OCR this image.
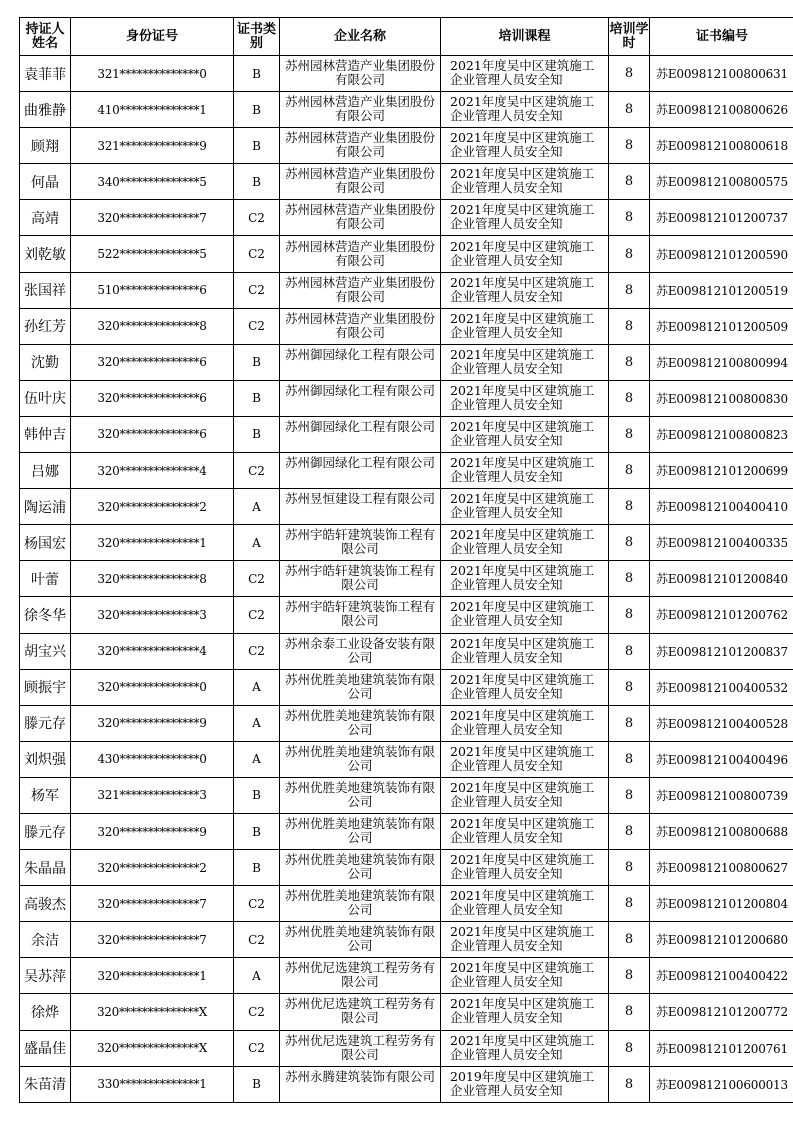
持证人姓名	身份证号	证书类别	企业名称	培训课程	培训学时	证书编号
袁菲菲	321**************0	B	苏州园林营造产业集团股份有限公司	2021年度吴中区建筑施工企业管理人员安全知	8	苏E009812100800631
曲雅静	410**************1	B	苏州园林营造产业集团股份有限公司	2021年度吴中区建筑施工企业管理人员安全知	8	苏E009812100800626
顾翔	321**************9	B	苏州园林营造产业集团股份有限公司	2021年度吴中区建筑施工企业管理人员安全知	8	苏E009812100800618
何晶	340**************5	B	苏州园林营造产业集团股份有限公司	2021年度吴中区建筑施工企业管理人员安全知	8	苏E009812100800575
高靖	320**************7	C2	苏州园林营造产业集团股份有限公司	2021年度吴中区建筑施工企业管理人员安全知	8	苏E009812101200737
刘乾敏	522**************5	C2	苏州园林营造产业集团股份有限公司	2021年度吴中区建筑施工企业管理人员安全知	8	苏E009812101200590
张国祥	510**************6	C2	苏州园林营造产业集团股份有限公司	2021年度吴中区建筑施工企业管理人员安全知	8	苏E009812101200519
孙红芳	320**************8	C2	苏州园林营造产业集团股份有限公司	2021年度吴中区建筑施工企业管理人员安全知	8	苏E009812101200509
沈勤	320**************6	B	苏州御园绿化工程有限公司	2021年度吴中区建筑施工企业管理人员安全知	8	苏E009812100800994
伍叶庆	320**************6	B	苏州御园绿化工程有限公司	2021年度吴中区建筑施工企业管理人员安全知	8	苏E009812100800830
韩仲吉	320**************6	B	苏州御园绿化工程有限公司	2021年度吴中区建筑施工企业管理人员安全知	8	苏E009812100800823
吕娜	320**************4	C2	苏州御园绿化工程有限公司	2021年度吴中区建筑施工企业管理人员安全知	8	苏E009812101200699
陶运浦	320**************2	A	苏州昱恒建设工程有限公司	2021年度吴中区建筑施工企业管理人员安全知	8	苏E009812100400410
杨国宏	320**************1	A	苏州宇皓轩建筑装饰工程有限公司	2021年度吴中区建筑施工企业管理人员安全知	8	苏E009812100400335
叶蕾	320**************8	C2	苏州宇皓轩建筑装饰工程有限公司	2021年度吴中区建筑施工企业管理人员安全知	8	苏E009812101200840
徐冬华	320**************3	C2	苏州宇皓轩建筑装饰工程有限公司	2021年度吴中区建筑施工企业管理人员安全知	8	苏E009812101200762
胡宝兴	320**************4	C2	苏州余泰工业设备安装有限公司	2021年度吴中区建筑施工企业管理人员安全知	8	苏E009812101200837
顾振宇	320**************0	A	苏州优胜美地建筑装饰有限公司	2021年度吴中区建筑施工企业管理人员安全知	8	苏E009812100400532
滕元存	320**************9	A	苏州优胜美地建筑装饰有限公司	2021年度吴中区建筑施工企业管理人员安全知	8	苏E009812100400528
刘炽强	430**************0	A	苏州优胜美地建筑装饰有限公司	2021年度吴中区建筑施工企业管理人员安全知	8	苏E009812100400496
杨军	321**************3	B	苏州优胜美地建筑装饰有限公司	2021年度吴中区建筑施工企业管理人员安全知	8	苏E009812100800739
滕元存	320**************9	B	苏州优胜美地建筑装饰有限公司	2021年度吴中区建筑施工企业管理人员安全知	8	苏E009812100800688
朱晶晶	320**************2	B	苏州优胜美地建筑装饰有限公司	2021年度吴中区建筑施工企业管理人员安全知	8	苏E009812100800627
高骏杰	320**************7	C2	苏州优胜美地建筑装饰有限公司	2021年度吴中区建筑施工企业管理人员安全知	8	苏E009812101200804
余洁	320**************7	C2	苏州优胜美地建筑装饰有限公司	2021年度吴中区建筑施工企业管理人员安全知	8	苏E009812101200680
吴苏萍	320**************1	A	苏州优尼选建筑工程劳务有限公司	2021年度吴中区建筑施工企业管理人员安全知	8	苏E009812100400422
徐烨	320**************X	C2	苏州优尼选建筑工程劳务有限公司	2021年度吴中区建筑施工企业管理人员安全知	8	苏E009812101200772
盛晶佳	320**************X	C2	苏州优尼选建筑工程劳务有限公司	2021年度吴中区建筑施工企业管理人员安全知	8	苏E009812101200761
朱苗清	330**************1	B	苏州永腾建筑装饰有限公司	2019年度吴中区建筑施工企业管理人员安全知	8	苏E009812100600013
